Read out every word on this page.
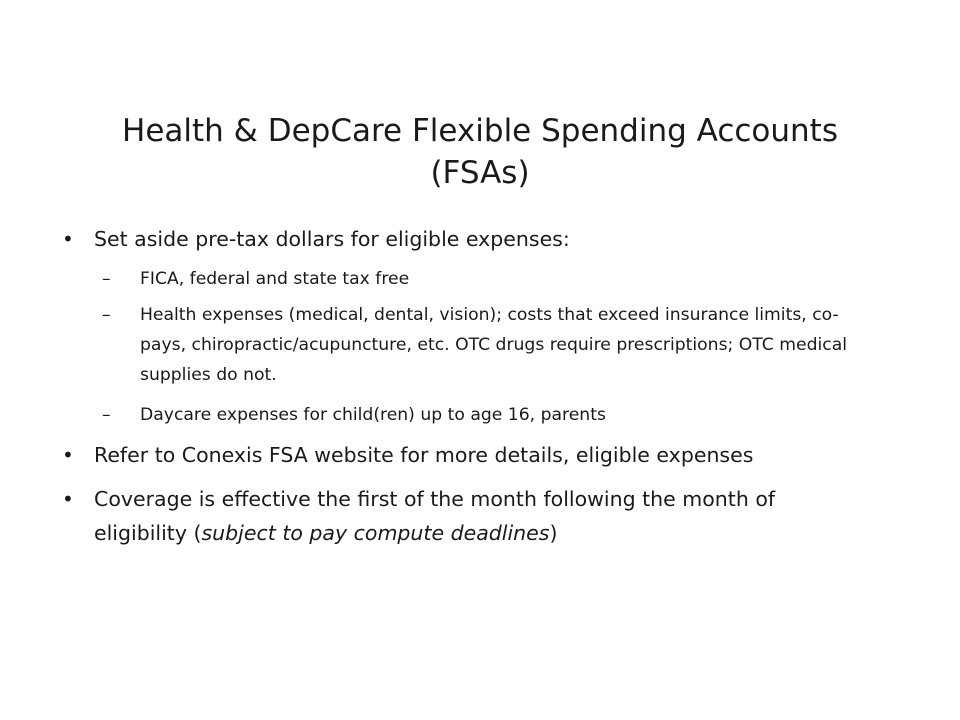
Health & DepCare Flexible Spending Accounts (FSAs)
• Set aside pre-tax dollars for eligible expenses:
– FICA, federal and state tax free
– Health expenses (medical, dental, vision); costs that exceed insurance limits, co-pays, chiropractic/acupuncture, etc. OTC drugs require prescriptions; OTC medical supplies do not.
– Daycare expenses for child(ren) up to age 16, parents
• Refer to Conexis FSA website for more details, eligible expenses
• Coverage is effective the first of the month following the month of eligibility (subject to pay compute deadlines)
